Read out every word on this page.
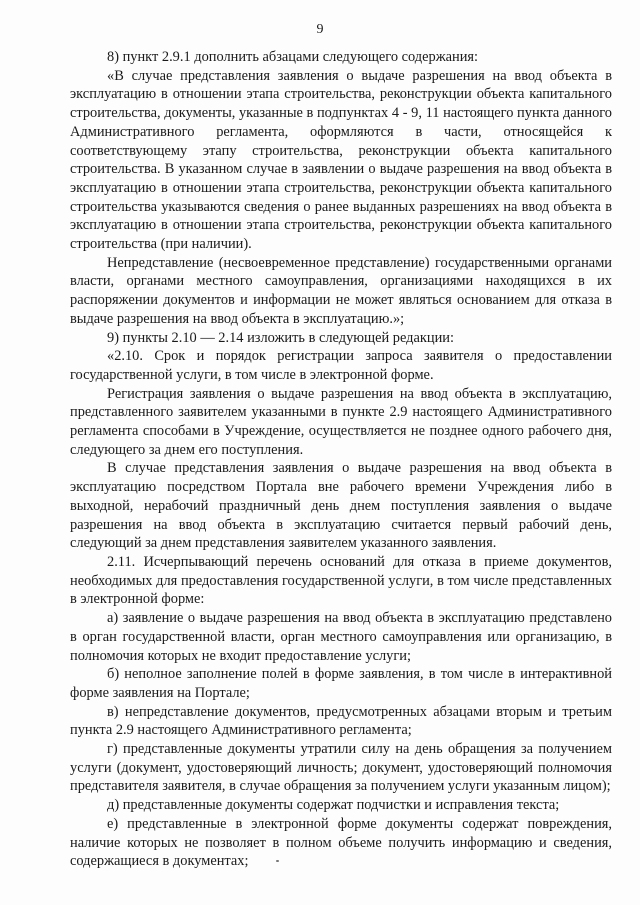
9

8) пункт 2.9.1 дополнить абзацами следующего содержания:

«В случае представления заявления о выдаче разрешения на ввод объекта в эксплуатацию в отношении этапа строительства, реконструкции объекта капитального строительства, документы, указанные в подпунктах 4 - 9, 11 настоящего пункта данного Административного регламента, оформляются в части, относящейся к соответствующему этапу строительства, реконструкции объекта капитального строительства. В указанном случае в заявлении о выдаче разрешения на ввод объекта в эксплуатацию в отношении этапа строительства, реконструкции объекта капитального строительства указываются сведения о ранее выданных разрешениях на ввод объекта в эксплуатацию в отношении этапа строительства, реконструкции объекта капитального строительства (при наличии).

Непредставление (несвоевременное представление) государственными органами власти, органами местного самоуправления, организациями находящихся в их распоряжении документов и информации не может являться основанием для отказа в выдаче разрешения на ввод объекта в эксплуатацию.»;

9) пункты 2.10 — 2.14 изложить в следующей редакции:

«2.10. Срок и порядок регистрации запроса заявителя о предоставлении государственной услуги, в том числе в электронной форме.

Регистрация заявления о выдаче разрешения на ввод объекта в эксплуатацию, представленного заявителем указанными в пункте 2.9 настоящего Административного регламента способами в Учреждение, осуществляется не позднее одного рабочего дня, следующего за днем его поступления.

В случае представления заявления о выдаче разрешения на ввод объекта в эксплуатацию посредством Портала вне рабочего времени Учреждения либо в выходной, нерабочий праздничный день днем поступления заявления о выдаче разрешения на ввод объекта в эксплуатацию считается первый рабочий день, следующий за днем представления заявителем указанного заявления.

2.11. Исчерпывающий перечень оснований для отказа в приеме документов, необходимых для предоставления государственной услуги, в том числе представленных в электронной форме:

а) заявление о выдаче разрешения на ввод объекта в эксплуатацию представлено в орган государственной власти, орган местного самоуправления или организацию, в полномочия которых не входит предоставление услуги;

б) неполное заполнение полей в форме заявления, в том числе в интерактивной форме заявления на Портале;

в) непредставление документов, предусмотренных абзацами вторым и третьим пункта 2.9 настоящего Административного регламента;

г) представленные документы утратили силу на день обращения за получением услуги (документ, удостоверяющий личность; документ, удостоверяющий полномочия представителя заявителя, в случае обращения за получением услуги указанным лицом);

д) представленные документы содержат подчистки и исправления текста;

е) представленные в электронной форме документы содержат повреждения, наличие которых не позволяет в полном объеме получить информацию и сведения, содержащиеся в документах;
